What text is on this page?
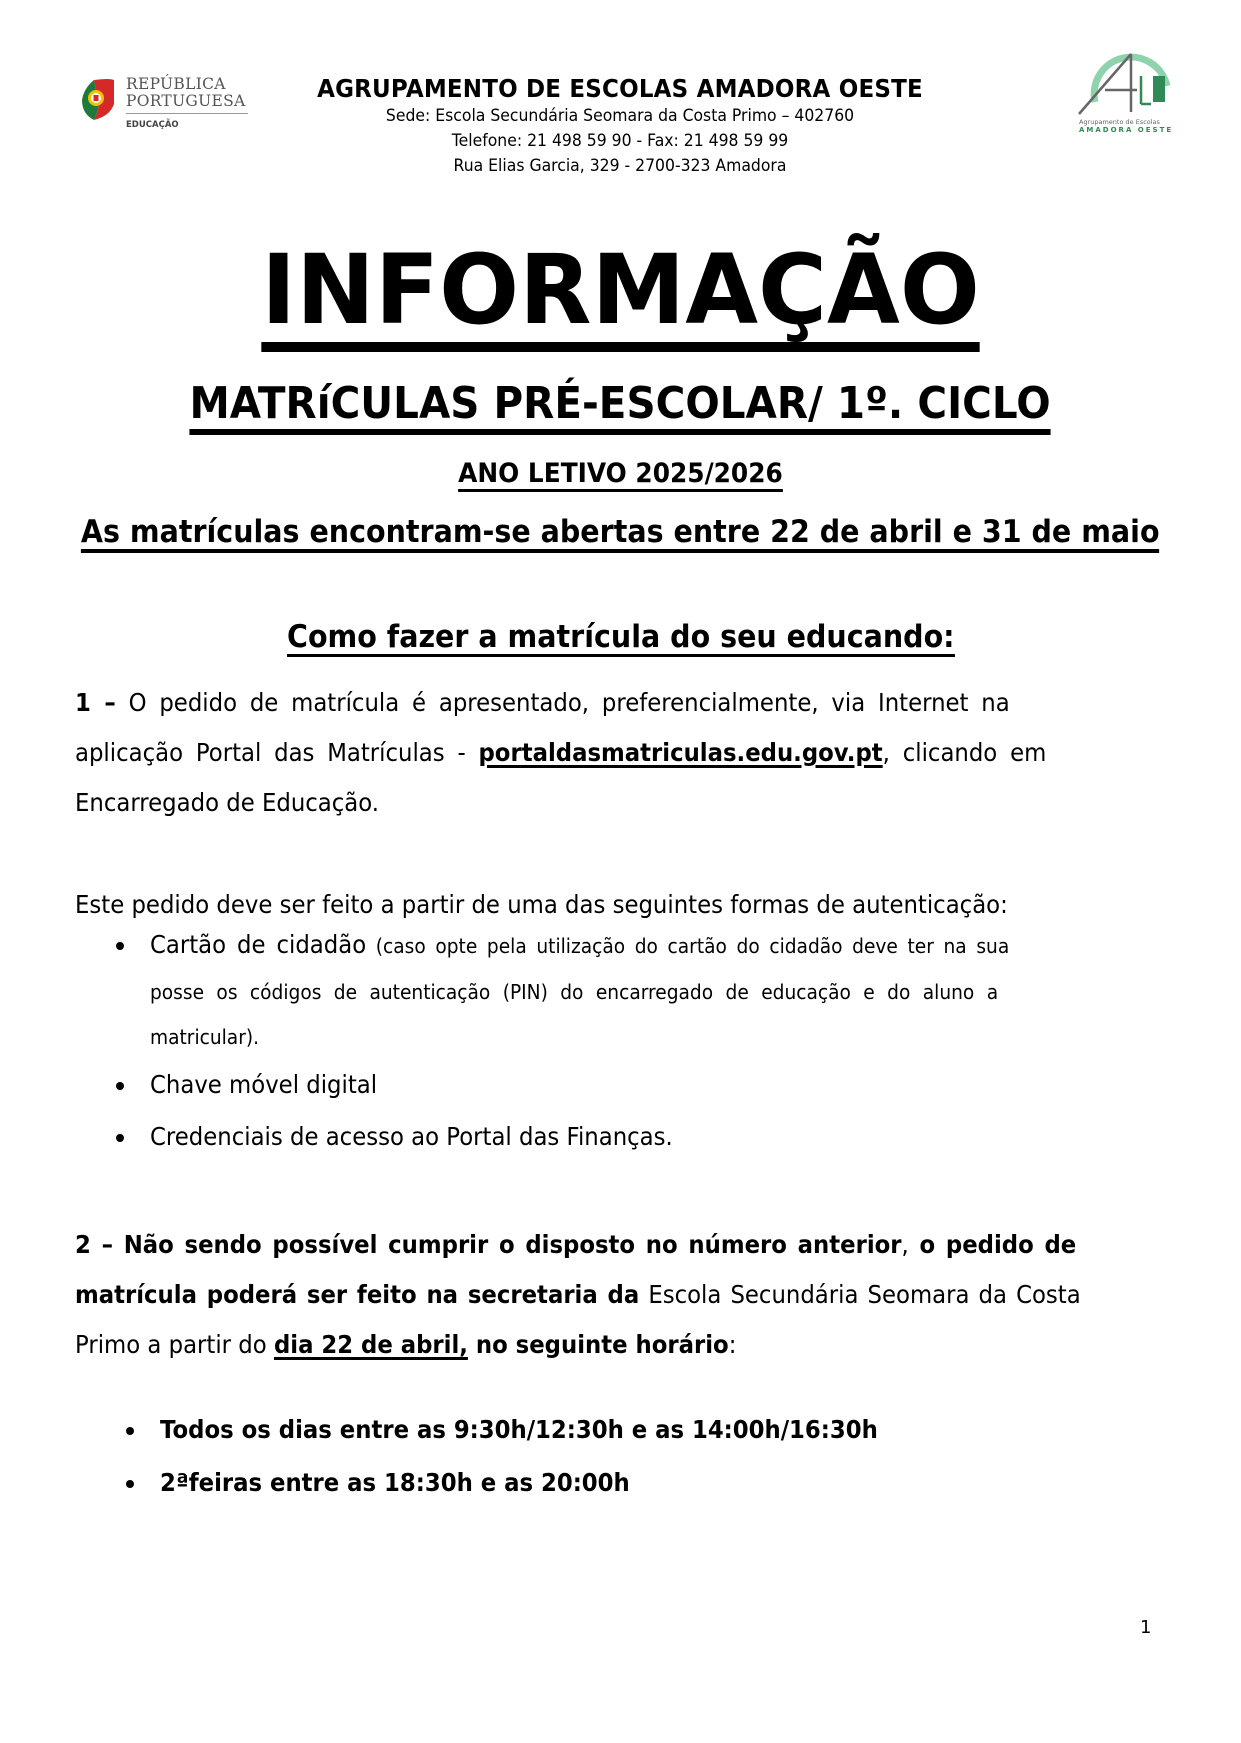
REPÚBLICA
PORTUGUESA
EDUCAÇÃO
AGRUPAMENTO DE ESCOLAS AMADORA OESTE
Sede: Escola Secundária Seomara da Costa Primo – 402760
Telefone: 21 498 59 90 - Fax: 21 498 59 99
Rua Elias Garcia, 329 - 2700-323 Amadora
Agrupamento de Escolas
AMADORA OESTE
INFORMAÇÃO
MATRíCULAS PRÉ-ESCOLAR/ 1º. CICLO
ANO LETIVO 2025/2026
As matrículas encontram-se abertas entre 22 de abril e 31 de maio
Como fazer a matrícula do seu educando:
1 – O pedido de matrícula é apresentado, preferencialmente, via Internet na
aplicação Portal das Matrículas - portaldasmatriculas.edu.gov.pt, clicando em
Encarregado de Educação.
Este pedido deve ser feito a partir de uma das seguintes formas de autenticação:
Cartão de cidadão (caso opte pela utilização do cartão do cidadão deve ter na sua
posse os códigos de autenticação (PIN) do encarregado de educação e do aluno a
matricular).
Chave móvel digital
Credenciais de acesso ao Portal das Finanças.
2 – Não sendo possível cumprir o disposto no número anterior, o pedido de
matrícula poderá ser feito na secretaria da Escola Secundária Seomara da Costa
Primo a partir do dia 22 de abril, no seguinte horário:
Todos os dias entre as 9:30h/12:30h e as 14:00h/16:30h
2ªfeiras entre as 18:30h e as 20:00h
1
